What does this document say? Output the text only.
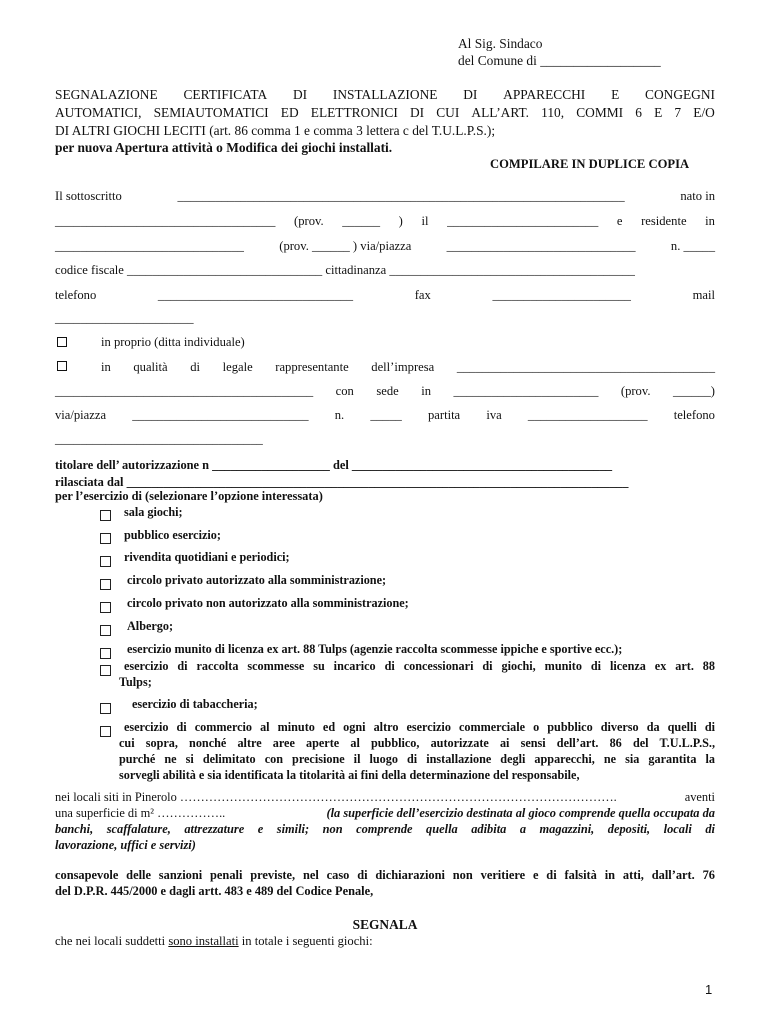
Al Sig. Sindaco
del Comune di __________________
SEGNALAZIONE CERTIFICATA DI INSTALLAZIONE DI APPARECCHI E CONGEGNI
AUTOMATICI, SEMIAUTOMATICI ED ELETTRONICI DI CUI ALL’ART. 110, COMMI 6 E 7 E/O
DI ALTRI GIOCHI LECITI (art. 86 comma 1 e comma 3 lettera c del T.U.L.P.S.);
per nuova Apertura attività o Modifica dei giochi installati.
COMPILARE IN DUPLICE COPIA
Il sottoscritto	_______________________________________________________________________	nato in
___________________________________ (prov. ______ ) il ________________________ e residente in
______________________________	(prov. ______ ) via/piazza	______________________________	n. _____
codice fiscale _______________________________ cittadinanza _______________________________________
telefono	_______________________________	fax	______________________	mail
______________________
in proprio (ditta individuale)
in qualità di legale rappresentante dell’impresa _________________________________________
_________________________________________ con sede in _______________________ (prov. ______)
via/piazza ____________________________ n. _____ partita iva ___________________ telefono
_________________________________
titolare dell’ autorizzazione n ___________________ del __________________________________________
rilasciata dal _________________________________________________________________________________
per l’esercizio di (selezionare l’opzione interessata)
sala giochi;
pubblico esercizio;
rivendita quotidiani e periodici;
circolo privato autorizzato alla somministrazione;
circolo privato non autorizzato alla somministrazione;
Albergo;
esercizio munito di licenza ex art. 88 Tulps (agenzie raccolta scommesse ippiche e sportive ecc.);
esercizio di raccolta scommesse su incarico di concessionari di giochi, munito di licenza ex art. 88
Tulps;
esercizio di tabaccheria;
esercizio di commercio al minuto ed ogni altro esercizio commerciale o pubblico diverso da quelli di
cui sopra, nonché altre aree aperte al pubblico, autorizzate ai sensi dell’art. 86 del T.U.L.P.S.,
purché ne si delimitato con precisione il luogo di installazione degli apparecchi, ne sia garantita la
sorvegli abilità e sia identificata la titolarità ai fini della determinazione del responsabile,
nei locali siti in Pinerolo …………………………………………………………………………………………….	aventi
una superficie di m² ……………..	(la superficie dell’esercizio destinata al gioco comprende quella occupata da
banchi, scaffalature, attrezzature e simili; non comprende quella adibita a magazzini, depositi, locali di
lavorazione, uffici e servizi)
consapevole delle sanzioni penali previste, nel caso di dichiarazioni non veritiere e di falsità in atti, dall’art. 76
del D.P.R. 445/2000 e dagli artt. 483 e 489 del Codice Penale,
SEGNALA
che nei locali suddetti sono installati in totale i seguenti giochi:
1
